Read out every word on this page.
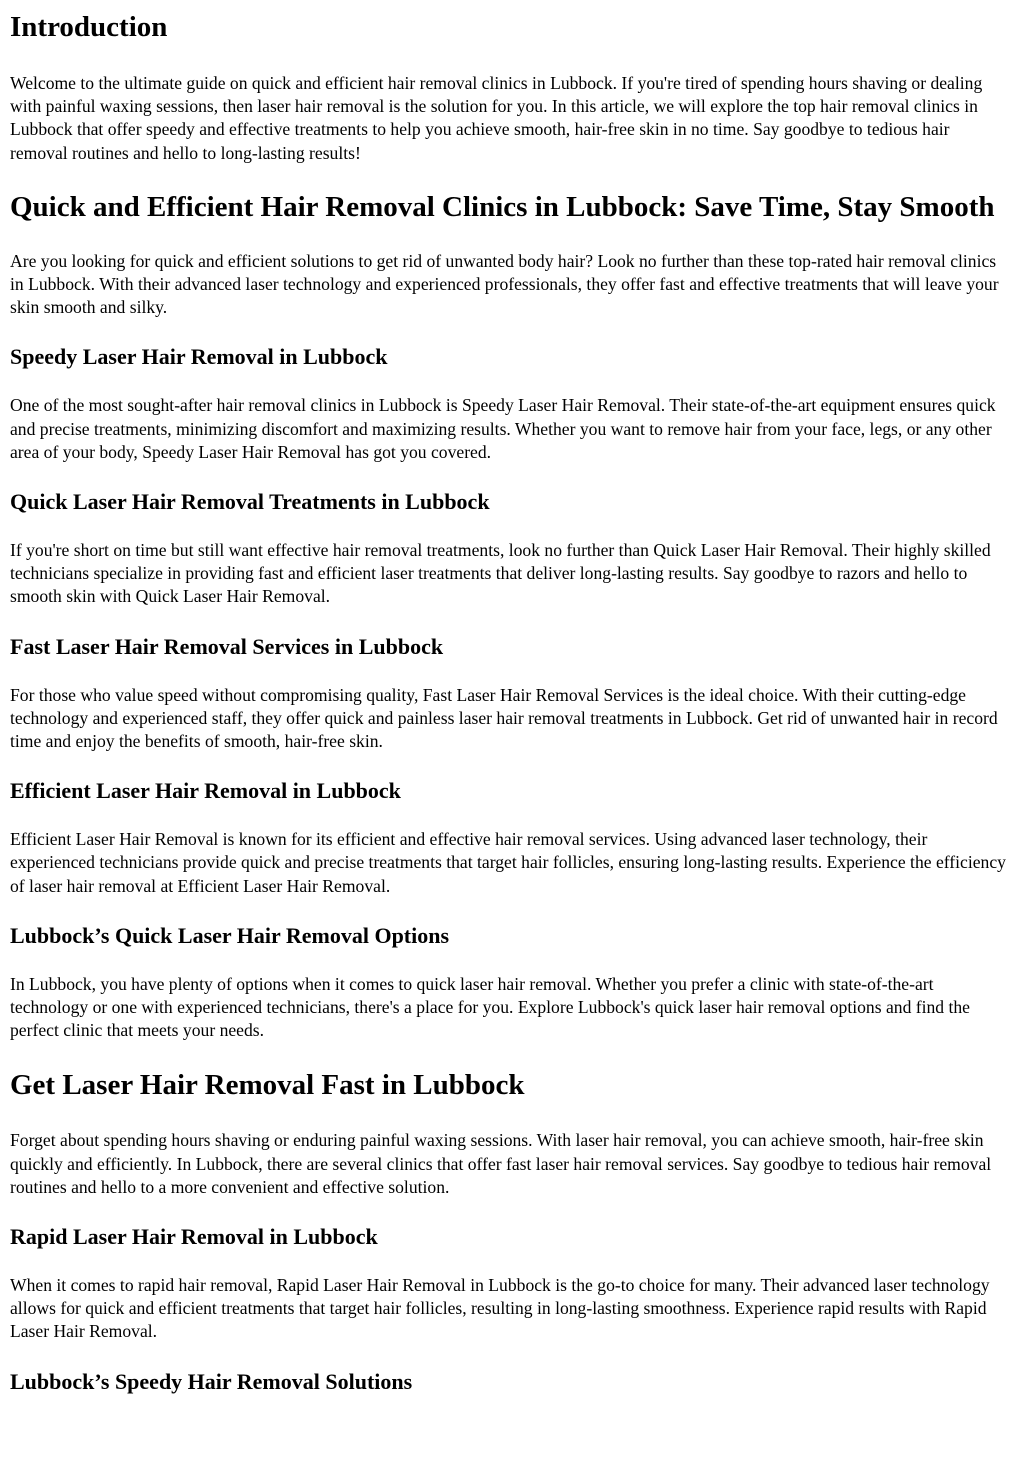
Introduction

Welcome to the ultimate guide on quick and efficient hair removal clinics in Lubbock. If you're tired of spending hours shaving or dealing with painful waxing sessions, then laser hair removal is the solution for you. In this article, we will explore the top hair removal clinics in Lubbock that offer speedy and effective treatments to help you achieve smooth, hair-free skin in no time. Say goodbye to tedious hair removal routines and hello to long-lasting results!

Quick and Efficient Hair Removal Clinics in Lubbock: Save Time, Stay Smooth

Are you looking for quick and efficient solutions to get rid of unwanted body hair? Look no further than these top-rated hair removal clinics in Lubbock. With their advanced laser technology and experienced professionals, they offer fast and effective treatments that will leave your skin smooth and silky.

Speedy Laser Hair Removal in Lubbock

One of the most sought-after hair removal clinics in Lubbock is Speedy Laser Hair Removal. Their state-of-the-art equipment ensures quick and precise treatments, minimizing discomfort and maximizing results. Whether you want to remove hair from your face, legs, or any other area of your body, Speedy Laser Hair Removal has got you covered.

Quick Laser Hair Removal Treatments in Lubbock

If you're short on time but still want effective hair removal treatments, look no further than Quick Laser Hair Removal. Their highly skilled technicians specialize in providing fast and efficient laser treatments that deliver long-lasting results. Say goodbye to razors and hello to smooth skin with Quick Laser Hair Removal.

Fast Laser Hair Removal Services in Lubbock

For those who value speed without compromising quality, Fast Laser Hair Removal Services is the ideal choice. With their cutting-edge technology and experienced staff, they offer quick and painless laser hair removal treatments in Lubbock. Get rid of unwanted hair in record time and enjoy the benefits of smooth, hair-free skin.

Efficient Laser Hair Removal in Lubbock

Efficient Laser Hair Removal is known for its efficient and effective hair removal services. Using advanced laser technology, their experienced technicians provide quick and precise treatments that target hair follicles, ensuring long-lasting results. Experience the efficiency of laser hair removal at Efficient Laser Hair Removal.

Lubbock’s Quick Laser Hair Removal Options

In Lubbock, you have plenty of options when it comes to quick laser hair removal. Whether you prefer a clinic with state-of-the-art technology or one with experienced technicians, there's a place for you. Explore Lubbock's quick laser hair removal options and find the perfect clinic that meets your needs.

Get Laser Hair Removal Fast in Lubbock

Forget about spending hours shaving or enduring painful waxing sessions. With laser hair removal, you can achieve smooth, hair-free skin quickly and efficiently. In Lubbock, there are several clinics that offer fast laser hair removal services. Say goodbye to tedious hair removal routines and hello to a more convenient and effective solution.

Rapid Laser Hair Removal in Lubbock

When it comes to rapid hair removal, Rapid Laser Hair Removal in Lubbock is the go-to choice for many. Their advanced laser technology allows for quick and efficient treatments that target hair follicles, resulting in long-lasting smoothness. Experience rapid results with Rapid Laser Hair Removal.

Lubbock’s Speedy Hair Removal Solutions
